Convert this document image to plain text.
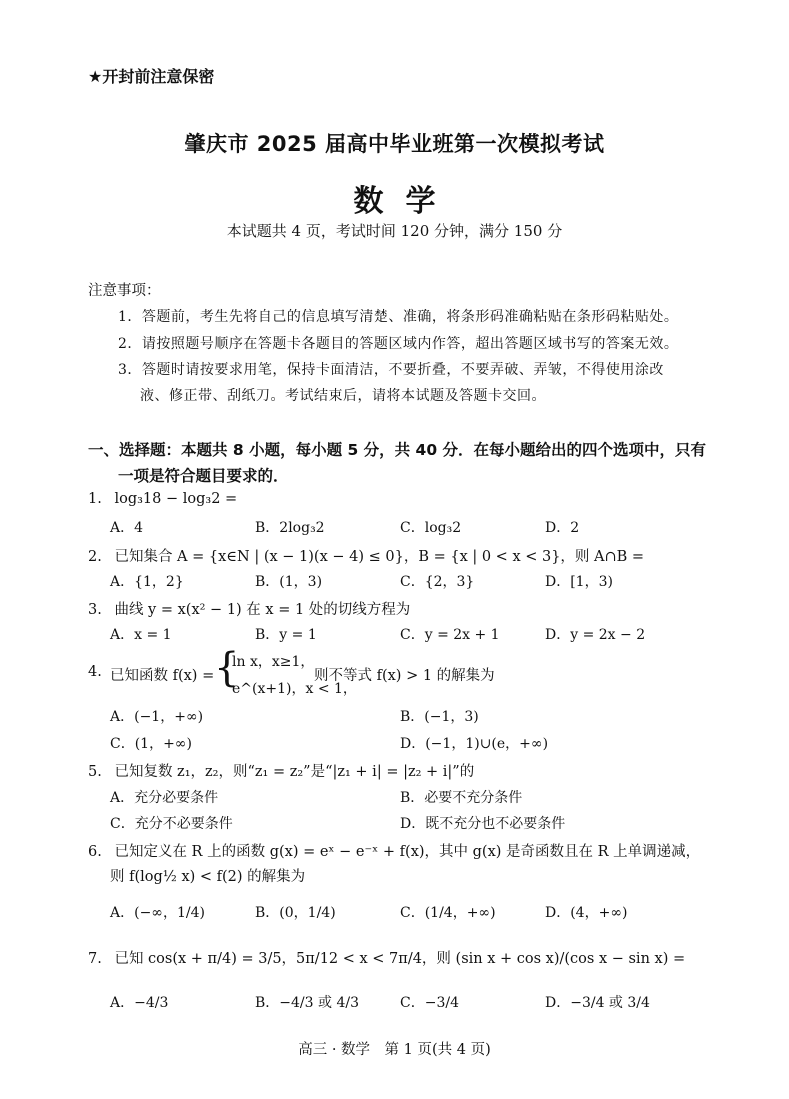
★开封前注意保密
肇庆市 2025 届高中毕业班第一次模拟考试
数学
本试题共 4 页，考试时间 120 分钟，满分 150 分
注意事项：
1．答题前，考生先将自己的信息填写清楚、准确，将条形码准确粘贴在条形码粘贴处。
2．请按照题号顺序在答题卡各题目的答题区域内作答，超出答题区域书写的答案无效。
3．答题时请按要求用笔，保持卡面清洁，不要折叠，不要弄破、弄皱，不得使用涂改
液、修正带、刮纸刀。考试结束后，请将本试题及答题卡交回。
一、选择题：本题共 8 小题，每小题 5 分，共 40 分．在每小题给出的四个选项中，只有
一项是符合题目要求的．
1. log₃18 − log₃2 =
A．4	B．2log₃2	C．log₃2	D．2
2. 已知集合 A = {x∈N | (x − 1)(x − 4) ≤ 0}，B = {x | 0 < x < 3}，则 A∩B =
A．{1，2}	B．(1，3)	C．{2，3}	D．[1，3)
3. 曲线 y = x(x² − 1) 在 x = 1 处的切线方程为
A．x = 1	B．y = 1	C．y = 2x + 1	D．y = 2x − 2
4. 已知函数 f(x) = {
ln x，x≥1，
e^(x+1)，x < 1，
则不等式 f(x) > 1 的解集为
A．(−1，+∞)	B．(−1，3)
C．(1，+∞)	D．(−1，1)∪(e，+∞)
5. 已知复数 z₁，z₂，则“z₁ = z₂”是“|z₁ + i| = |z₂ + i|”的
A．充分必要条件	B．必要不充分条件
C．充分不必要条件	D．既不充分也不必要条件
6. 已知定义在 R 上的函数 g(x) = eˣ − e⁻ˣ + f(x)，其中 g(x) 是奇函数且在 R 上单调递减，
则 f(log½ x) < f(2) 的解集为
A．(−∞，1/4)	B．(0，1/4)	C．(1/4，+∞)	D．(4，+∞)
7. 已知 cos(x + π/4) = 3/5，5π/12 < x < 7π/4，则 (sin x + cos x)/(cos x − sin x) =
A．−4/3	B．−4/3 或 4/3	C．−3/4	D．−3/4 或 3/4
高三 · 数学　第 1 页(共 4 页)
